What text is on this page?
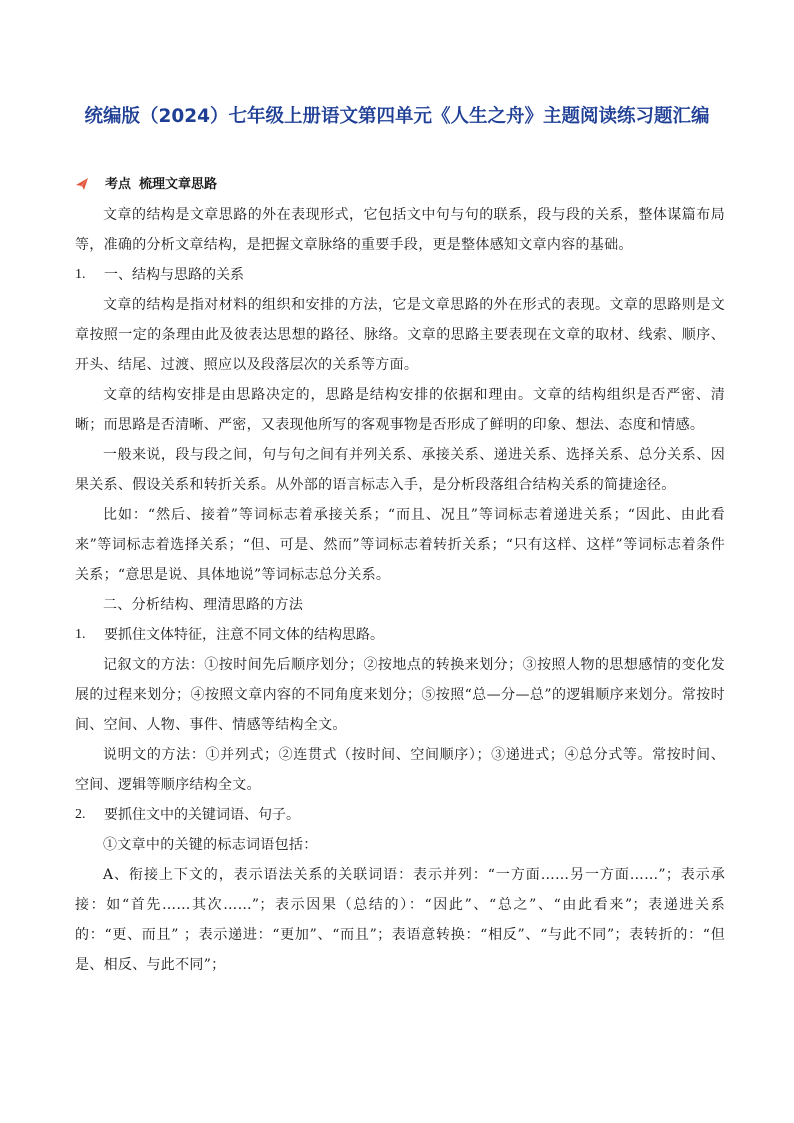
统编版（2024）七年级上册语文第四单元《人生之舟》主题阅读练习题汇编
考点 梳理文章思路

文章的结构是文章思路的外在表现形式，它包括文中句与句的联系，段与段的关系，整体谋篇布局等，准确的分析文章结构，是把握文章脉络的重要手段，更是整体感知文章内容的基础。

1.	一、结构与思路的关系

文章的结构是指对材料的组织和安排的方法，它是文章思路的外在形式的表现。文章的思路则是文章按照一定的条理由此及彼表达思想的路径、脉络。文章的思路主要表现在文章的取材、线索、顺序、开头、结尾、过渡、照应以及段落层次的关系等方面。

文章的结构安排是由思路决定的，思路是结构安排的依据和理由。文章的结构组织是否严密、清晰；而思路是否清晰、严密，又表现他所写的客观事物是否形成了鲜明的印象、想法、态度和情感。

一般来说，段与段之间，句与句之间有并列关系、承接关系、递进关系、选择关系、总分关系、因果关系、假设关系和转折关系。从外部的语言标志入手，是分析段落组合结构关系的简捷途径。

比如：“然后、接着”等词标志着承接关系；“而且、况且”等词标志着递进关系；“因此、由此看来”等词标志着选择关系；“但、可是、然而”等词标志着转折关系；“只有这样、这样”等词标志着条件关系；“意思是说、具体地说”等词标志总分关系。

二、分析结构、理清思路的方法

1.	要抓住文体特征，注意不同文体的结构思路。

记叙文的方法：①按时间先后顺序划分；②按地点的转换来划分；③按照人物的思想感情的变化发展的过程来划分；④按照文章内容的不同角度来划分；⑤按照“总—分—总”的逻辑顺序来划分。常按时间、空间、人物、事件、情感等结构全文。

说明文的方法：①并列式；②连贯式（按时间、空间顺序）；③递进式；④总分式等。常按时间、空间、逻辑等顺序结构全文。

2.	要抓住文中的关键词语、句子。

①文章中的关键的标志词语包括：

A、衔接上下文的，表示语法关系的关联词语：表示并列：“一方面……另一方面……”；表示承接：如“首先……其次……”；表示因果（总结的）：“因此”、“总之”、“由此看来”；表递进关系的：“更、而且” ；表示递进：“更加”、“而且”；表语意转换：“相反”、“与此不同”；表转折的：“但是、相反、与此不同”；
